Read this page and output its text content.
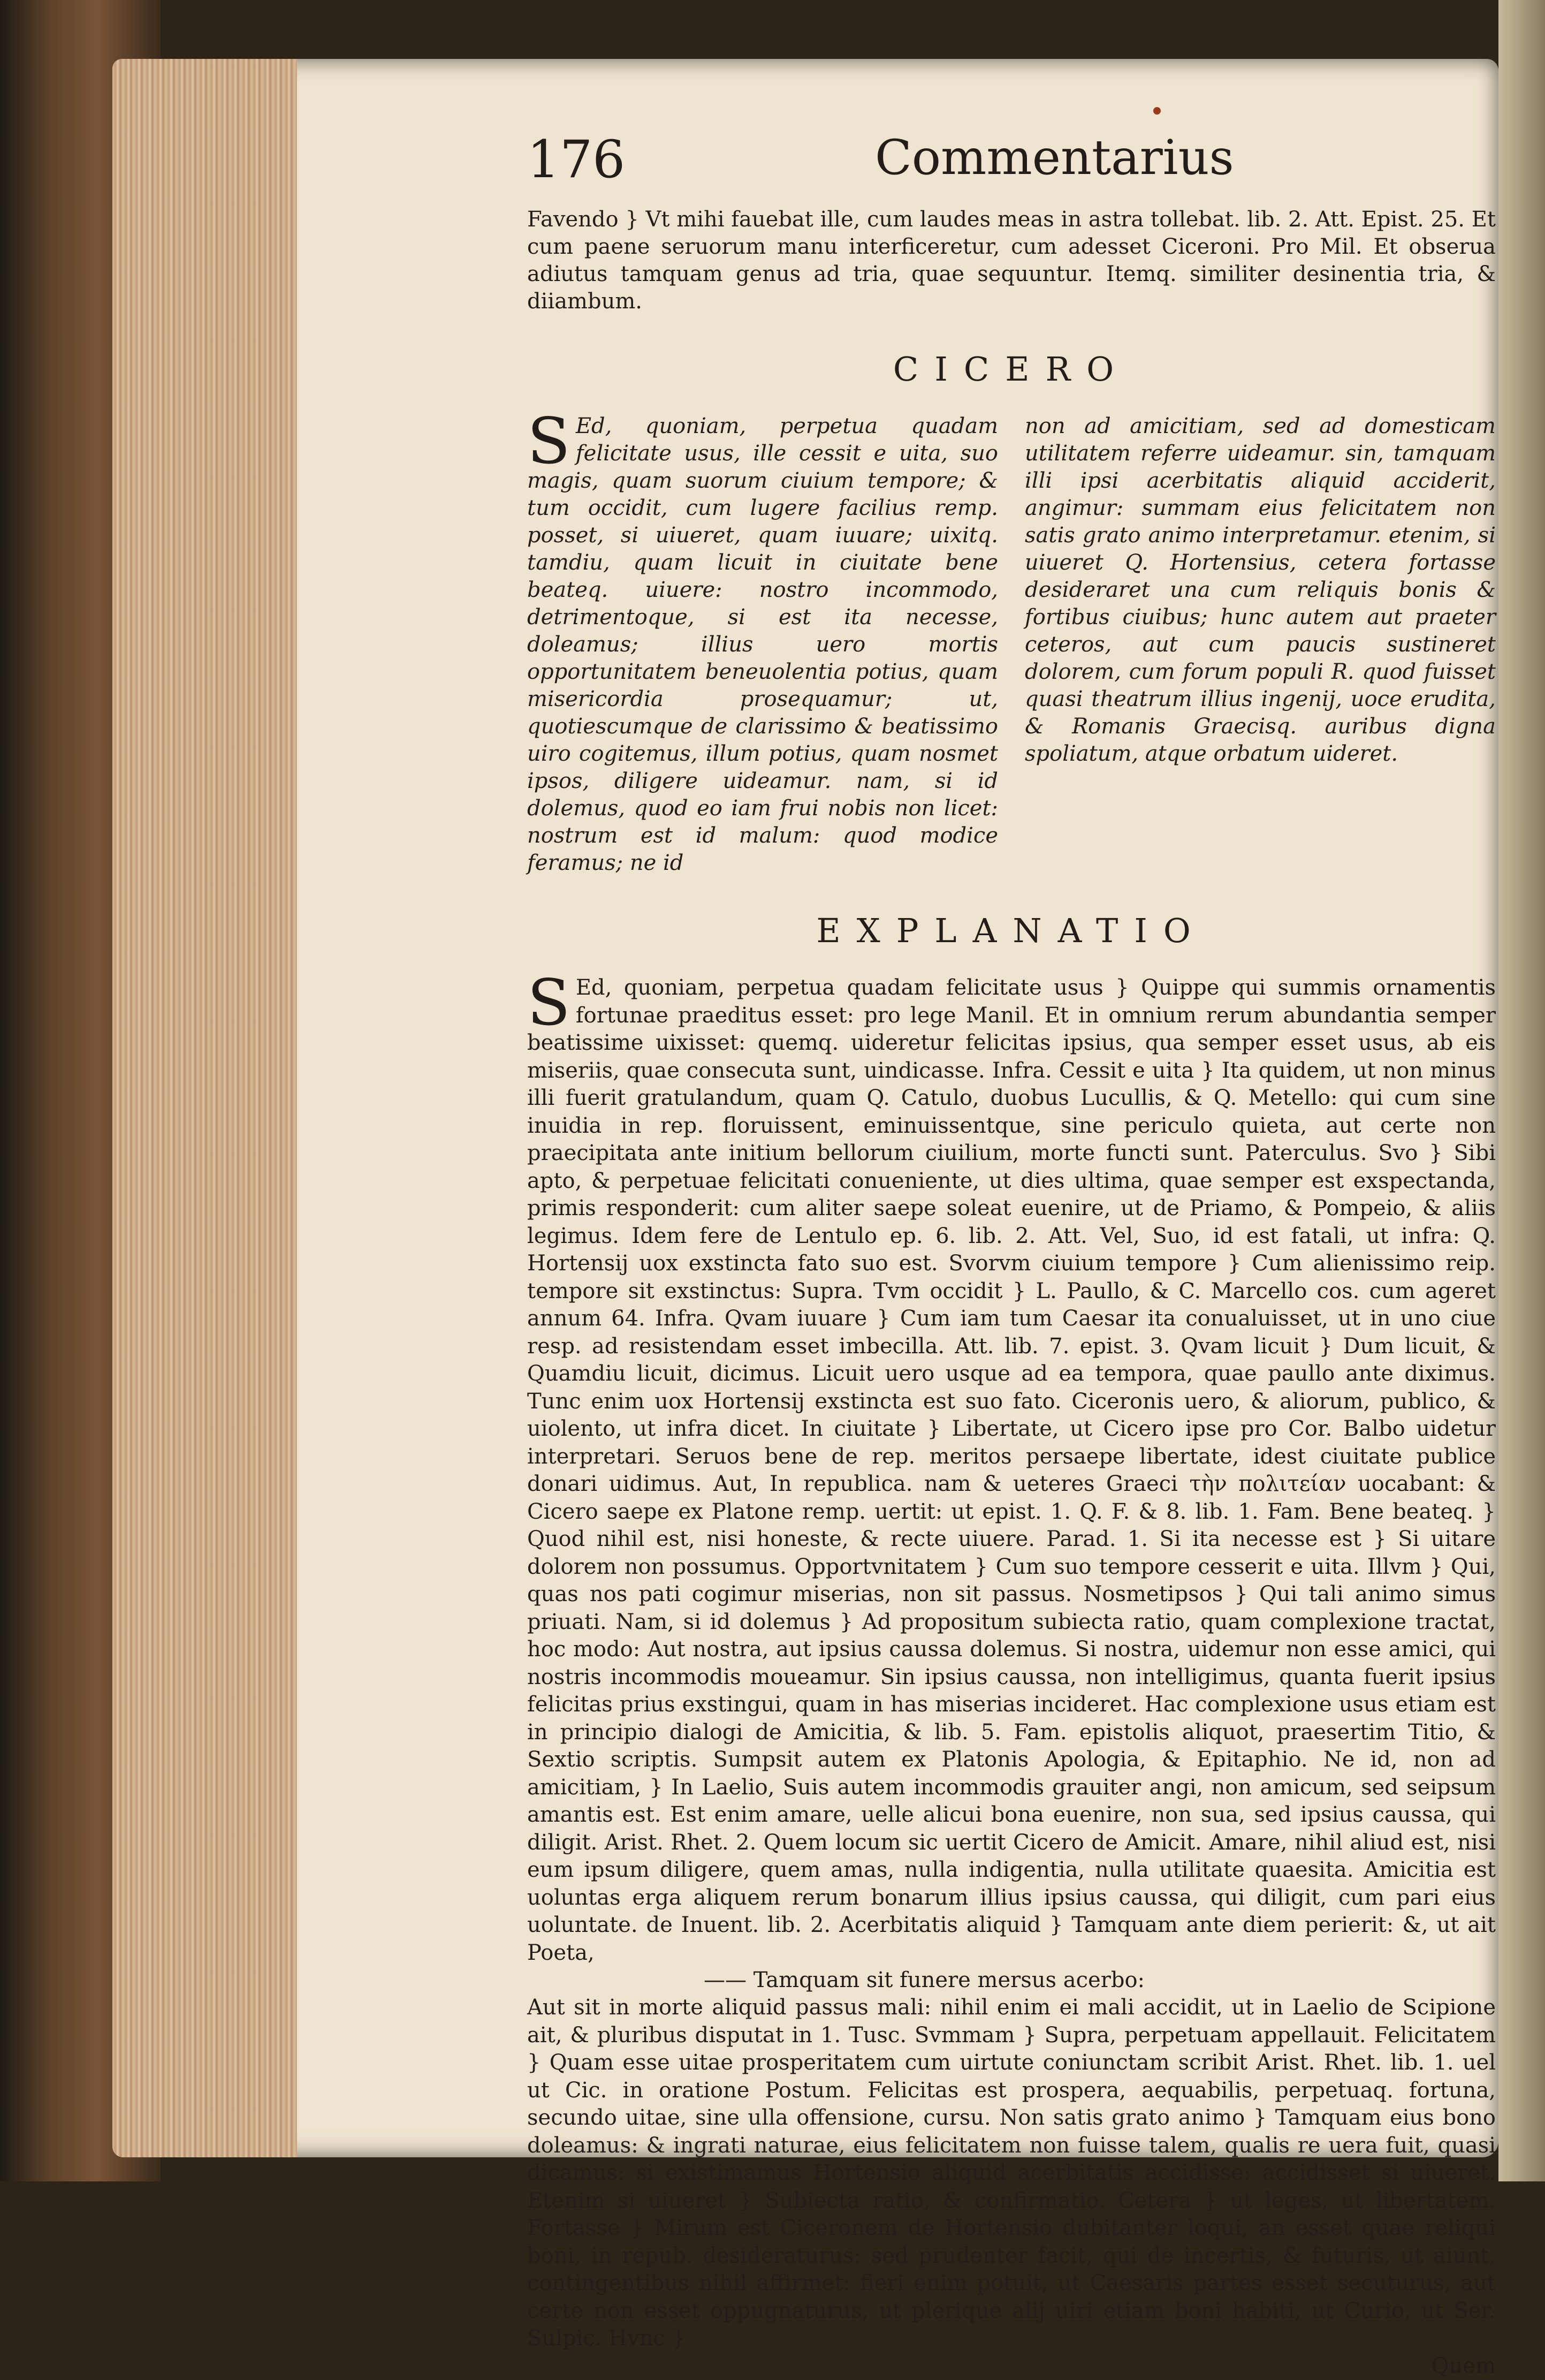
176	Commentarius

Favendo } Vt mihi fauebat ille, cum laudes meas in astra tollebat. lib. 2. Att. Epist. 25. Et cum paene seruorum manu interficeretur, cum adesset Ciceroni. Pro Mil. Et obserua adiutus tamquam genus ad tria, quae sequuntur. Itemq. similiter desinentia tria, & diiambum.

CICERO

S Ed, quoniam, perpetua quadam felicitate usus, ille cessit e uita, suo magis, quam suorum ciuium tempore; & tum occidit, cum lugere facilius remp. posset, si uiueret, quam iuuare; uixitq. tamdiu, quam licuit in ciuitate bene beateq. uiuere: nostro incommodo, detrimentoque, si est ita necesse, doleamus; illius uero mortis opportunitatem beneuolentia potius, quam misericordia prosequamur; ut, quotiescumque de clarissimo & beatissimo uiro cogitemus, illum potius, quam nosmet ipsos, diligere uideamur. nam, si id dolemus, quod eo iam frui nobis non licet: nostrum est id malum: quod modice feramus; ne id

non ad amicitiam, sed ad domesticam utilitatem referre uideamur. sin, tamquam illi ipsi acerbitatis aliquid acciderit, angimur: summam eius felicitatem non satis grato animo interpretamur. etenim, si uiueret Q. Hortensius, cetera fortasse desideraret una cum reliquis bonis & fortibus ciuibus; hunc autem aut praeter ceteros, aut cum paucis sustineret dolorem, cum forum populi R. quod fuisset quasi theatrum illius ingenij, uoce erudita, & Romanis Graecisq. auribus digna spoliatum, atque orbatum uideret.

EXPLANATIO

S Ed, quoniam, perpetua quadam felicitate usus } Quippe qui summis ornamentis fortunae praeditus esset: pro lege Manil. Et in omnium rerum abundantia semper beatissime uixisset: quemq. uideretur felicitas ipsius, qua semper esset usus, ab eis miseriis, quae consecuta sunt, uindicasse. Infra. Cessit e uita } Ita quidem, ut non minus illi fuerit gratulandum, quam Q. Catulo, duobus Lucullis, & Q. Metello: qui cum sine inuidia in rep. floruissent, eminuissentque, sine periculo quieta, aut certe non praecipitata ante initium bellorum ciuilium, morte functi sunt. Paterculus. Svo } Sibi apto, & perpetuae felicitati conueniente, ut dies ultima, quae semper est exspectanda, primis responderit: cum aliter saepe soleat euenire, ut de Priamo, & Pompeio, & aliis legimus. Idem fere de Lentulo ep. 6. lib. 2. Att. Vel, Suo, id est fatali, ut infra: Q. Hortensij uox exstincta fato suo est. Svorvm ciuium tempore } Cum alienissimo reip. tempore sit exstinctus: Supra. Tvm occidit } L. Paullo, & C. Marcello cos. cum ageret annum 64. Infra. Qvam iuuare } Cum iam tum Caesar ita conualuisset, ut in uno ciue resp. ad resistendam esset imbecilla. Att. lib. 7. epist. 3. Qvam licuit } Dum licuit, & Quamdiu licuit, dicimus. Licuit uero usque ad ea tempora, quae paullo ante diximus. Tunc enim uox Hortensij exstincta est suo fato. Ciceronis uero, & aliorum, publico, & uiolento, ut infra dicet. In ciuitate } Libertate, ut Cicero ipse pro Cor. Balbo uidetur interpretari. Seruos bene de rep. meritos persaepe libertate, idest ciuitate publice donari uidimus. Aut, In republica. nam & ueteres Graeci τὴν πολιτείαν uocabant: & Cicero saepe ex Platone remp. uertit: ut epist. 1. Q. F. & 8. lib. 1. Fam. Bene beateq. } Quod nihil est, nisi honeste, & recte uiuere. Parad. 1. Si ita necesse est } Si uitare dolorem non possumus. Opportvnitatem } Cum suo tempore cesserit e uita. Illvm } Qui, quas nos pati cogimur miserias, non sit passus. Nosmetipsos } Qui tali animo simus priuati. Nam, si id dolemus } Ad propositum subiecta ratio, quam complexione tractat, hoc modo: Aut nostra, aut ipsius caussa dolemus. Si nostra, uidemur non esse amici, qui nostris incommodis moueamur. Sin ipsius caussa, non intelligimus, quanta fuerit ipsius felicitas prius exstingui, quam in has miserias incideret. Hac complexione usus etiam est in principio dialogi de Amicitia, & lib. 5. Fam. epistolis aliquot, praesertim Titio, & Sextio scriptis. Sumpsit autem ex Platonis Apologia, & Epitaphio. Ne id, non ad amicitiam, } In Laelio, Suis autem incommodis grauiter angi, non amicum, sed seipsum amantis est. Est enim amare, uelle alicui bona euenire, non sua, sed ipsius caussa, qui diligit. Arist. Rhet. 2. Quem locum sic uertit Cicero de Amicit. Amare, nihil aliud est, nisi eum ipsum diligere, quem amas, nulla indigentia, nulla utilitate quaesita. Amicitia est uoluntas erga aliquem rerum bonarum illius ipsius caussa, qui diligit, cum pari eius uoluntate. de Inuent. lib. 2. Acerbitatis aliquid } Tamquam ante diem perierit: &, ut ait Poeta,

—— Tamquam sit funere mersus acerbo:

Aut sit in morte aliquid passus mali: nihil enim ei mali accidit, ut in Laelio de Scipione ait, & pluribus disputat in 1. Tusc. Svmmam } Supra, perpetuam appellauit. Felicitatem } Quam esse uitae prosperitatem cum uirtute coniunctam scribit Arist. Rhet. lib. 1. uel ut Cic. in oratione Postum. Felicitas est prospera, aequabilis, perpetuaq. fortuna, secundo uitae, sine ulla offensione, cursu. Non satis grato animo } Tamquam eius bono doleamus: & ingrati naturae, eius felicitatem non fuisse talem, qualis re uera fuit, quasi dicamus: si existimamus Hortensio aliquid acerbitatis accidisse: accidisset si uiueret. Etenim si uiueret } Subiecta ratio, & confirmatio. Cetera } ut leges, ut libertatem. Fortasse } Mirum est Ciceronem de Hortensio dubitanter loqui, an esset quae reliqui boni, in repub. desideraturus: sed prudenter facit, qui de incertis, & futuris, ut aiunt, contingentibus nihil affirmet: fieri enim potuit, ut Caesaris partes esset secuturus, aut certe non esset oppugnaturus, ut plerique alij uiri etiam boni habiti, ut Curio, ut Ser. Sulpic. Hvnc }

Quem
